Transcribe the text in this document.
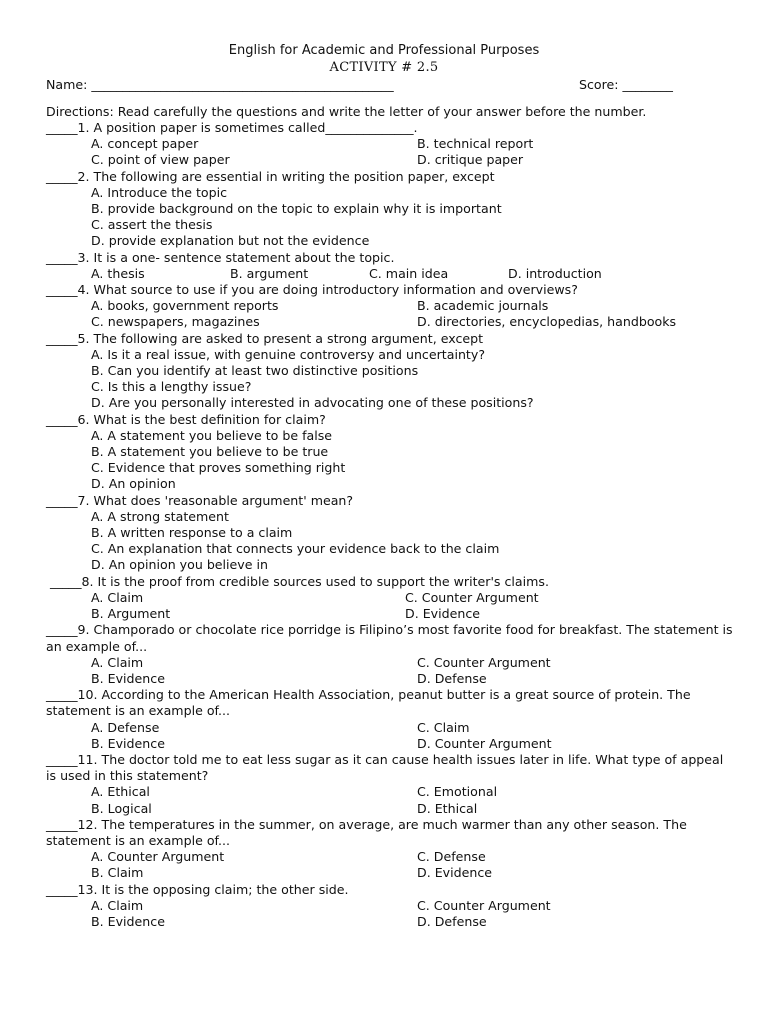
English for Academic and Professional Purposes
ACTIVITY # 2.5
Name: ________________________________________________	Score: ________
Directions: Read carefully the questions and write the letter of your answer before the number.
_____1. A position paper is sometimes called______________.
A. concept paper	B. technical report
C. point of view paper	D. critique paper
_____2. The following are essential in writing the position paper, except
A. Introduce the topic
B. provide background on the topic to explain why it is important
C. assert the thesis
D. provide explanation but not the evidence
_____3. It is a one- sentence statement about the topic.
A. thesis	B. argument	C. main idea	D. introduction
_____4. What source to use if you are doing introductory information and overviews?
A. books, government reports	B. academic journals
C. newspapers, magazines	D. directories, encyclopedias, handbooks
_____5. The following are asked to present a strong argument, except
A. Is it a real issue, with genuine controversy and uncertainty?
B. Can you identify at least two distinctive positions
C. Is this a lengthy issue?
D. Are you personally interested in advocating one of these positions?
_____6. What is the best definition for claim?
A. A statement you believe to be false
B. A statement you believe to be true
C. Evidence that proves something right
D. An opinion
_____7. What does 'reasonable argument' mean?
A. A strong statement
B. A written response to a claim
C. An explanation that connects your evidence back to the claim
D. An opinion you believe in
_____8. It is the proof from credible sources used to support the writer's claims.
A. Claim	C. Counter Argument
B. Argument	D. Evidence
_____9. Champorado or chocolate rice porridge is Filipino’s most favorite food for breakfast. The statement is an example of...
A. Claim	C. Counter Argument
B. Evidence	D. Defense
_____10. According to the American Health Association, peanut butter is a great source of protein. The statement is an example of...
A. Defense	C. Claim
B. Evidence	D. Counter Argument
_____11. The doctor told me to eat less sugar as it can cause health issues later in life. What type of appeal is used in this statement?
A. Ethical	C. Emotional
B. Logical	D. Ethical
_____12. The temperatures in the summer, on average, are much warmer than any other season. The statement is an example of...
A. Counter Argument	C. Defense
B. Claim	D. Evidence
_____13. It is the opposing claim; the other side.
A. Claim	C. Counter Argument
B. Evidence	D. Defense
